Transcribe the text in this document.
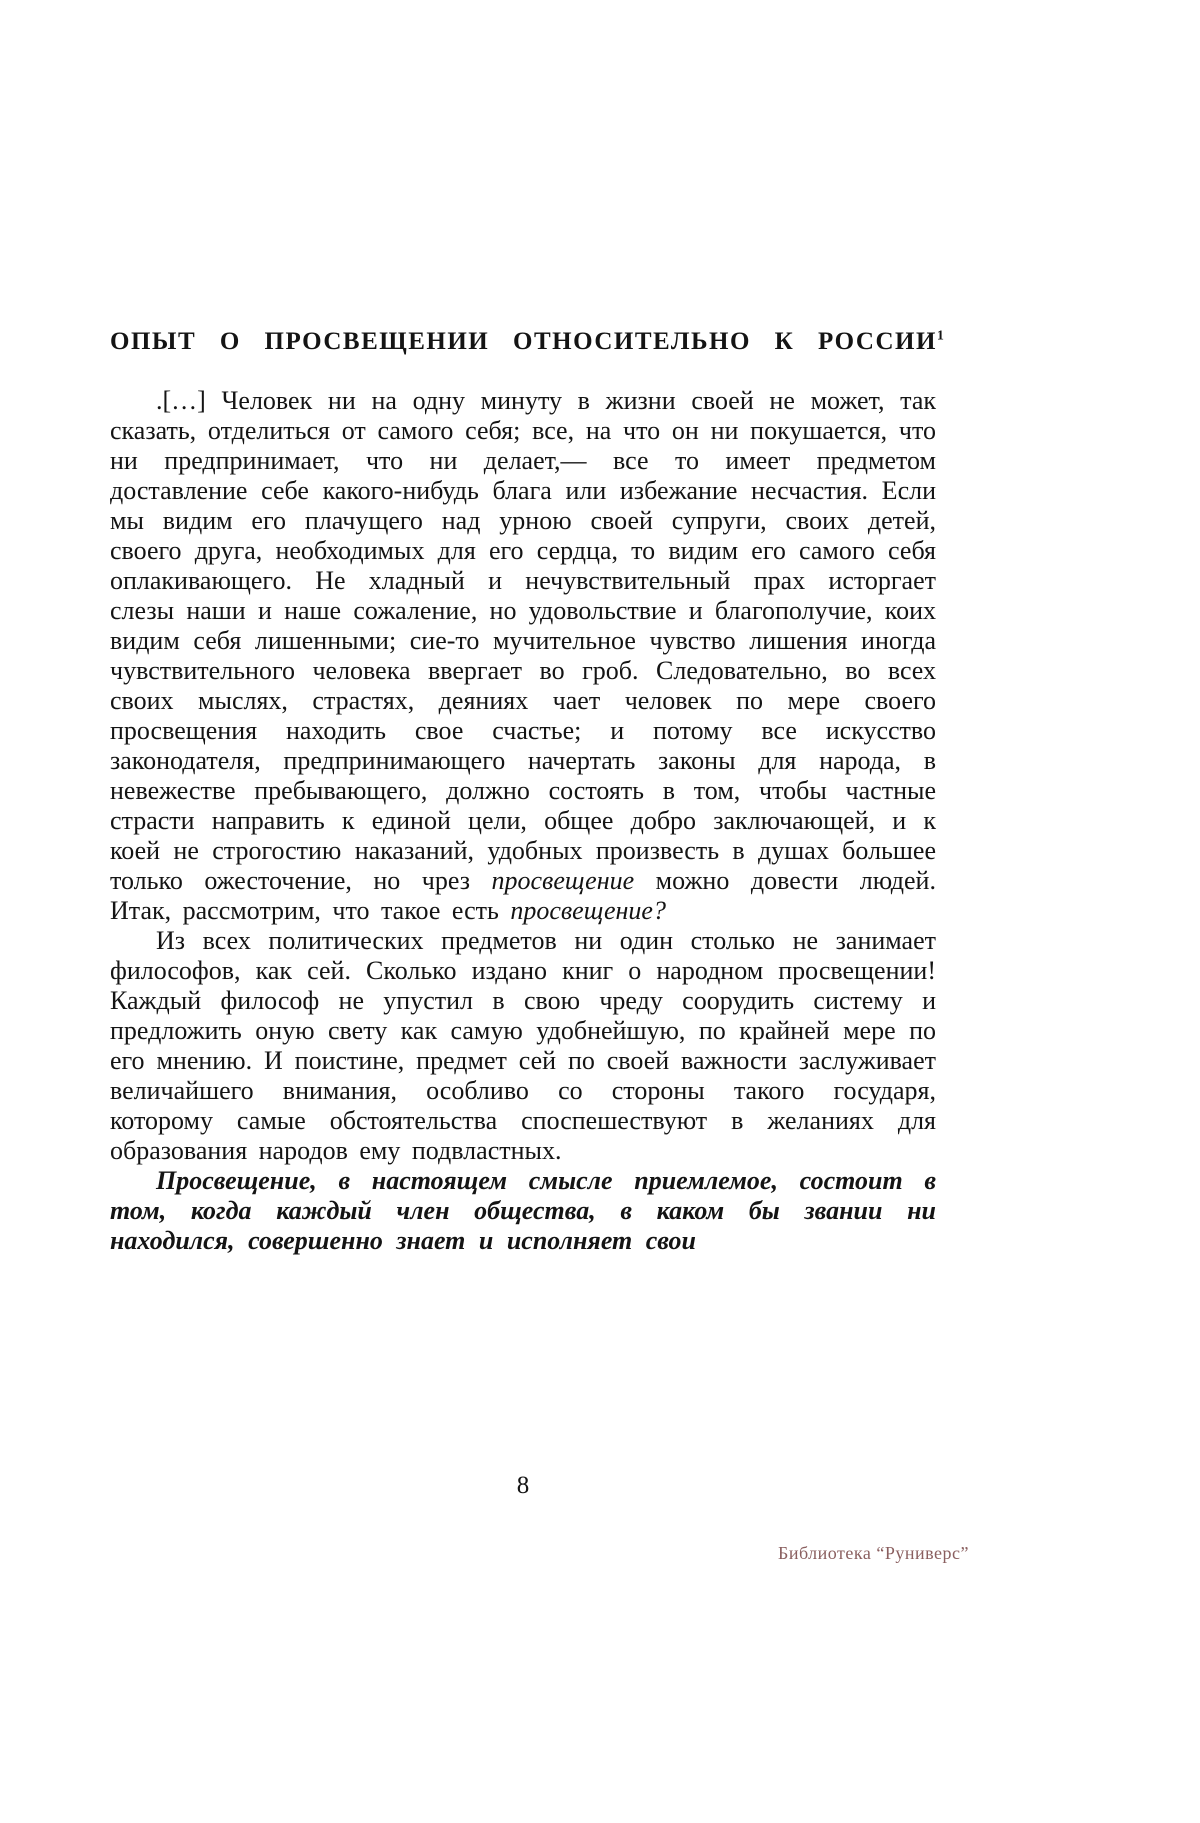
ОПЫТ О ПРОСВЕЩЕНИИ ОТНОСИТЕЛЬНО К РОССИИ$^1$

.[…] Человек ни на одну минуту в жизни своей не может, так сказать, отделиться от самого себя; все, на что он ни покушается, что ни предпринимает, что ни делает,— все то имеет предметом доставление себе какого-нибудь блага или избежание несчастия. Если мы видим его плачущего над урною своей супруги, своих детей, своего друга, необходимых для его сердца, то видим его самого себя оплакивающего. Не хладный и нечувствительный прах исторгает слезы наши и наше сожаление, но удовольствие и благополучие, коих видим себя лишенными; сие-то мучительное чувство лишения иногда чувствительного человека ввергает во гроб. Следовательно, во всех своих мыслях, страстях, деяниях чает человек по мере своего просвещения находить свое счастье; и потому все искусство законодателя, предпринимающего начертать законы для народа, в невежестве пребывающего, должно состоять в том, чтобы частные страсти направить к единой цели, общее добро заключающей, и к коей не строгостию наказаний, удобных произвесть в душах большее только ожесточение, но чрез просвещение можно довести людей. Итак, рассмотрим, что такое есть просвещение?

Из всех политических предметов ни один столько не занимает философов, как сей. Сколько издано книг о народном просвещении! Каждый философ не упустил в свою чреду соорудить систему и предложить оную свету как самую удобнейшую, по крайней мере по его мнению. И поистине, предмет сей по своей важности заслуживает величайшего внимания, особливо со стороны такого государя, которому самые обстоятельства споспешествуют в желаниях для образования народов ему подвластных.

Просвещение, в настоящем смысле приемлемое, состоит в том, когда каждый член общества, в каком бы звании ни находился, совершенно знает и исполняет свои

8
Библиотека “Руниверс”
